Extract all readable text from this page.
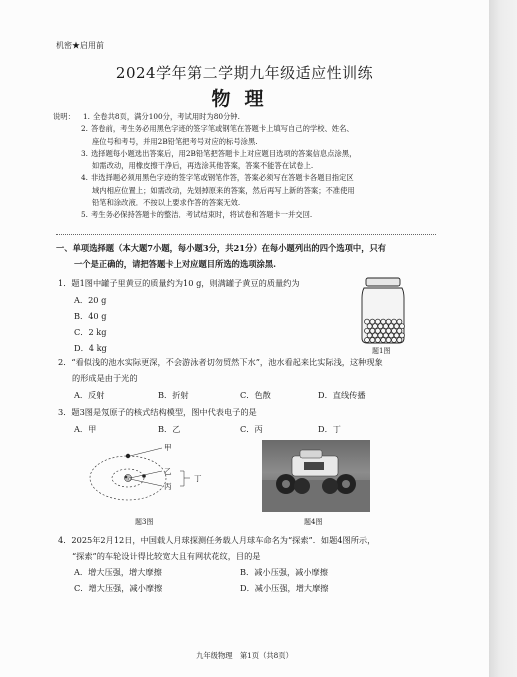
机密★启用前
2024学年第二学期九年级适应性训练
物理
说明： 1. 全卷共8页，满分100分，考试用时为80分钟.
2. 答卷前，考生务必用黑色字迹的签字笔或钢笔在答题卡上填写自己的学校、姓名、
座位号和考号，并用2B铅笔把考号对应的标号涂黑.
3. 选择题每小题选出答案后，用2B铅笔把答题卡上对应题目选项的答案信息点涂黑，
如需改动，用橡皮擦干净后，再选涂其他答案，答案不能答在试卷上.
4. 非选择题必须用黑色字迹的签字笔或钢笔作答，答案必须写在答题卡各题目指定区
域内相应位置上；如需改动，先划掉原来的答案，然后再写上新的答案；不准使用
铅笔和涂改液．不按以上要求作答的答案无效.
5. 考生务必保持答题卡的整洁．考试结束时，将试卷和答题卡一并交回.
一、单项选择题（本大题7小题，每小题3分，共21分）在每小题列出的四个选项中，只有
一个是正确的，请把答题卡上对应题目所选的选项涂黑.
1．题1图中罐子里黄豆的质量约为10 g，则满罐子黄豆的质量约为
A．20 g
B．40 g
C．2 kg
D．4 kg	题1图
2．“看似浅的池水实际更深，不会游泳者切勿贸然下水”，池水看起来比实际浅，这种现象
的形成是由于光的
A．反射	B．折射	C．色散	D．直线传播
3．题3图是氖原子的核式结构模型，图中代表电子的是
A．甲	B．乙	C．丙	D．丁
甲
乙
丙
丁
题3图	题4图
4．2025年2月12日，中国载人月球探测任务载人月球车命名为“探索”．如题4图所示，
“探索”的车轮设计得比较宽大且有网状花纹，目的是
A．增大压强，增大摩擦	B．减小压强，减小摩擦
C．增大压强，减小摩擦	D．减小压强，增大摩擦
九年级物理　第1页（共8页）
